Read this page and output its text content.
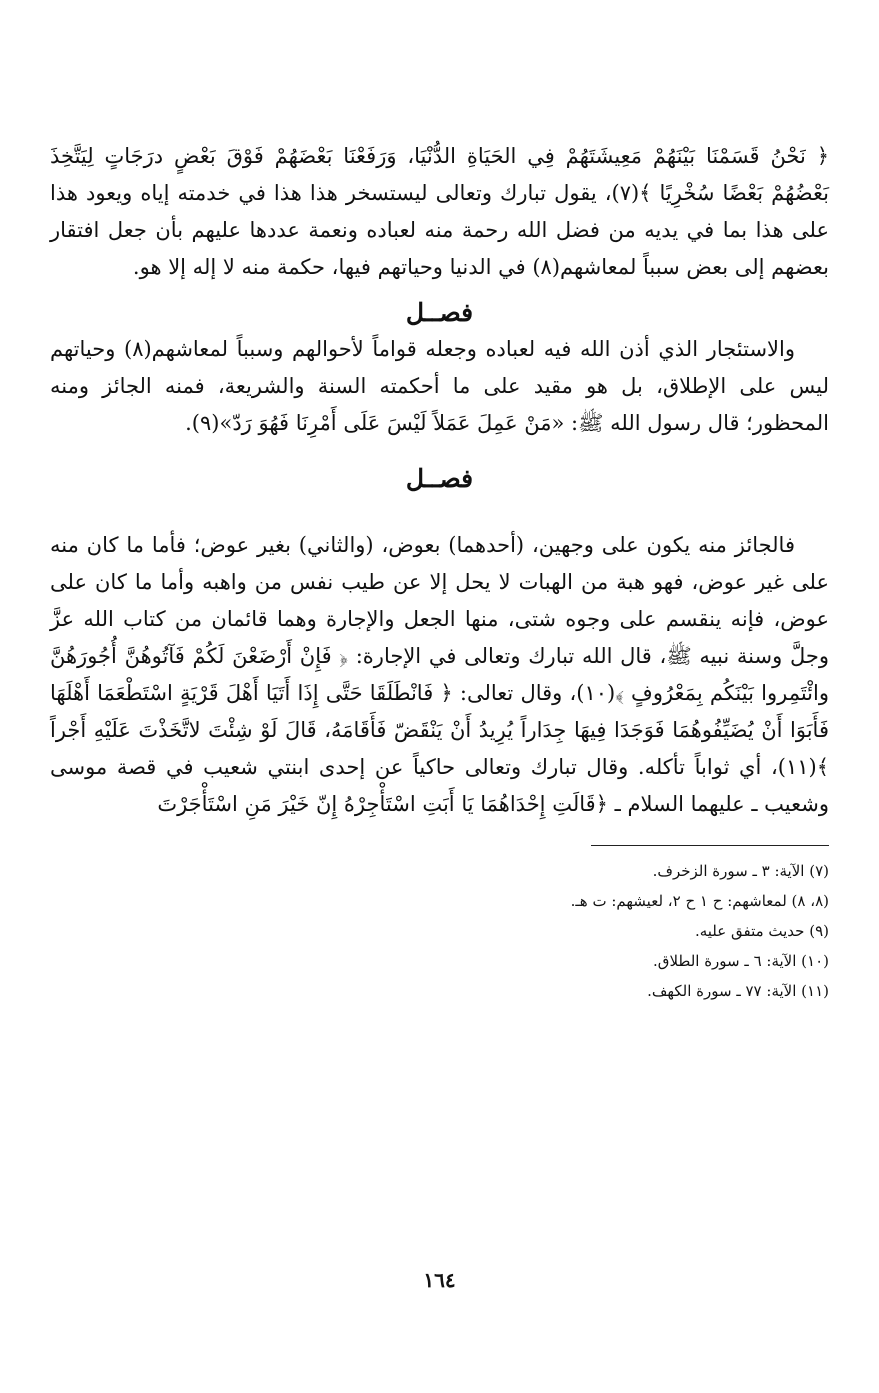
﴿ نَحْنُ قَسَمْنَا بَيْنَهُمْ مَعِيشَتَهُمْ فِي الحَيَاةِ الدُّنْيَا، وَرَفَعْنَا بَعْضَهُمْ فَوْقَ بَعْضٍ درَجَاتٍ لِيَتَّخِذَ بَعْضُهُمْ بَعْضًا سُخْرِيًا ﴾(٧)، يقول تبارك وتعالى ليستسخر هذا هذا في خدمته إياه ويعود هذا على هذا بما في يديه من فضل الله رحمة منه لعباده ونعمة عددها عليهم بأن جعل افتقار بعضهم إلى بعض سبباً لمعاشهم(٨) في الدنيا وحياتهم فيها، حكمة منه لا إله إلا هو.

فصــل

والاستئجار الذي أذن الله فيه لعباده وجعله قواماً لأحوالهم وسبباً لمعاشهم(٨) وحياتهم ليس على الإطلاق، بل هو مقيد على ما أحكمته السنة والشريعة، فمنه الجائز ومنه المحظور؛ قال رسول الله ﷺ: «مَنْ عَمِلَ عَمَلاً لَيْسَ عَلَى أَمْرِنَا فَهُوَ رَدّ»(٩).

فصــل

فالجائز منه يكون على وجهين، (أحدهما) بعوض، (والثاني) بغير عوض؛ فأما ما كان منه على غير عوض، فهو هبة من الهبات لا يحل إلا عن طيب نفس من واهبه وأما ما كان على عوض، فإنه ينقسم على وجوه شتى، منها الجعل والإجارة وهما قائمان من كتاب الله عزَّ وجلَّ وسنة نبيه ﷺ، قال الله تبارك وتعالى في الإجارة: ﴿ فَإِنْ أَرْضَعْنَ لَكُمْ فَآتُوهُنَّ أُجُورَهُنَّ وائْتَمِروا بَيْنَكُم بِمَعْرُوفٍ ﴾(١٠)، وقال تعالى: ﴿ فَانْطَلَقَا حَتَّى إِذَا أَتَيَا أَهْلَ قَرْيَةٍ اسْتَطْعَمَا أَهْلَهَا فَأَبَوَا أَنْ يُضَيِّفُوهُمَا فَوَجَدَا فِيهَا جِدَاراً يُرِيدُ أَنْ يَنْقَضّ فَأَقَامَهُ، قَالَ لَوْ شِئْتَ لاتَّخَذْتَ عَلَيْهِ أَجْراً ﴾(١١)، أي ثواباً تأكله. وقال تبارك وتعالى حاكياً عن إحدى ابنتي شعيب في قصة موسى وشعيب ـ عليهما السلام ـ ﴿قَالَتِ إِحْدَاهُمَا يَا أَبَتِ اسْتَأْجِرْهُ إِنّ خَيْرَ مَنِ اسْتَأْجَرْتَ

(٧) الآية: ٣ ـ سورة الزخرف.
(٨، ٨) لمعاشهم: ح ١ ح ٢، لعيشهم: ت هـ.
(٩) حديث متفق عليه.
(١٠) الآية: ٦ ـ سورة الطلاق.
(١١) الآية: ٧٧ ـ سورة الكهف.
١٦٤
